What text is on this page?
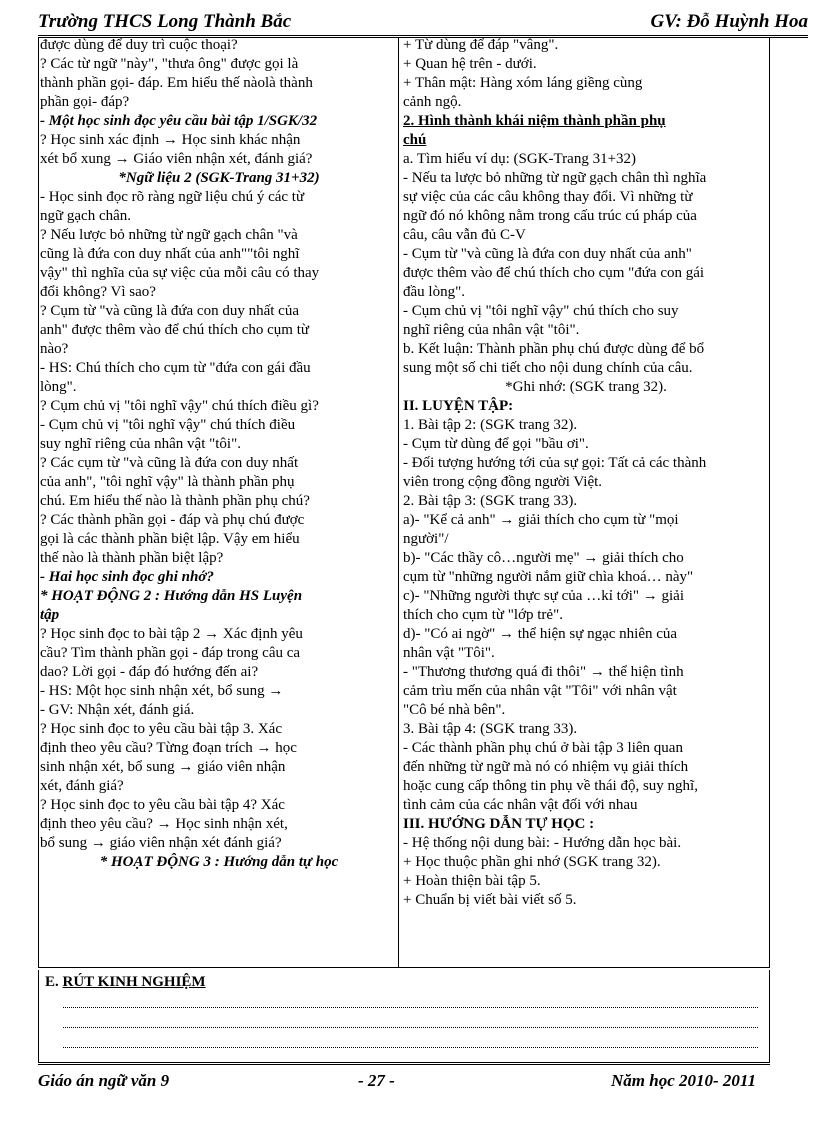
Trường THCS Long Thành Bắc	GV: Đỗ Huỳnh Hoa
được dùng để duy trì cuộc thoại?
? Các từ ngữ "này", "thưa ông" được gọi là
thành phần gọi- đáp. Em hiểu thế nàolà thành
phần gọi- đáp?
- Một học sinh đọc yêu cầu bài tập 1/SGK/32
? Học sinh xác định → Học sinh khác nhận
xét bổ xung → Giáo viên nhận xét, đánh giá?
*Ngữ liệu 2 (SGK-Trang 31+32)
- Học sinh đọc rõ ràng ngữ liệu chú ý các từ
ngữ gạch chân.
? Nếu lược bỏ những từ ngữ gạch chân "và
cũng là đứa con duy nhất của anh""tôi nghĩ
vậy" thì nghĩa của sự việc của mỗi câu có thay
đổi không? Vì sao?
? Cụm từ "và cũng là đứa con duy nhất của
anh" được thêm vào để chú thích cho cụm từ
nào?
- HS: Chú thích cho cụm từ "đứa con gái đầu
lòng".
? Cụm chủ vị "tôi nghĩ vậy" chú thích điều gì?
- Cụm chủ vị "tôi nghĩ vậy" chú thích điều
suy nghĩ riêng của nhân vật "tôi".
? Các cụm từ "và cũng là đứa con duy nhất
của anh", "tôi nghĩ vậy" là thành phần phụ
chú. Em hiểu thế nào là thành phần phụ chú?
? Các thành phần gọi - đáp và phụ chú được
gọi là các thành phần biệt lập. Vậy em hiểu
thế nào là thành phần biệt lập?
- Hai học sinh đọc ghi nhớ?
* HOẠT ĐỘNG 2 : Hướng dẫn HS Luyện
tập
? Học sinh đọc to bài tập 2 → Xác định yêu
cầu? Tìm thành phần gọi - đáp trong câu ca
dao? Lời gọi - đáp đó hướng đến ai?
- HS: Một học sinh nhận xét, bổ sung →
- GV: Nhận xét, đánh giá.
? Học sinh đọc to yêu cầu bài tập 3. Xác
định theo yêu cầu? Từng đoạn trích → học
sinh nhận xét, bổ sung → giáo viên nhận
xét, đánh giá?
? Học sinh đọc to yêu cầu bài tập 4? Xác
định theo yêu cầu? → Học sinh nhận xét,
bổ sung → giáo viên nhận xét đánh giá?
* HOẠT ĐỘNG 3 : Hướng dẫn tự học
+ Từ dùng để đáp "vâng".
+ Quan hệ trên - dưới.
+ Thân mật: Hàng xóm láng giềng cùng
cảnh ngộ.
2. Hình thành khái niệm thành phần phụ
chú
a. Tìm hiểu ví dụ: (SGK-Trang 31+32)
- Nếu ta lược bỏ những từ ngữ gạch chân thì nghĩa
sự việc của các câu không thay đổi. Vì những từ
ngữ đó nó không nằm trong cấu trúc cú pháp của
câu, câu vẫn đủ C-V
- Cụm từ "và cũng là đứa con duy nhất của anh"
được thêm vào để chú thích cho cụm "đứa con gái
đầu lòng".
- Cụm chủ vị "tôi nghĩ vậy" chú thích cho suy
nghĩ riêng của nhân vật "tôi".
b. Kết luận: Thành phần phụ chú được dùng để bổ
sung một số chi tiết cho nội dung chính của câu.
*Ghi nhớ: (SGK trang 32).
II. LUYỆN TẬP:
1. Bài tập 2: (SGK trang 32).
- Cụm từ dùng để gọi "bầu ơi".
- Đối tượng hướng tới của sự gọi: Tất cả các thành
viên trong cộng đồng người Việt.
2. Bài tập 3: (SGK trang 33).
a)- "Kể cả anh" → giải thích cho cụm từ "mọi
người"/
b)- "Các thầy cô…người mẹ" → giải thích cho
cụm từ "những người nắm giữ chìa khoá… này"
c)- "Những người thực sự của …kỉ tới" → giải
thích cho cụm từ "lớp trẻ".
d)- "Có ai ngờ" → thể hiện sự ngạc nhiên của
nhân vật "Tôi".
- "Thương thương quá đi thôi" → thể hiện tình
cảm trìu mến của nhân vật "Tôi" với nhân vật
"Cô bé nhà bên".
3. Bài tập 4: (SGK trang 33).
- Các thành phần phụ chú ở bài tập 3 liên quan
đến những từ ngữ mà nó có nhiệm vụ giải thích
hoặc cung cấp thông tin phụ về thái độ, suy nghĩ,
tình cảm của các nhân vật đối với nhau
III. HƯỚNG DẪN TỰ HỌC :
- Hệ thống nội dung bài: - Hướng dẫn học bài.
+ Học thuộc phần ghi nhớ (SGK trang 32).
+ Hoàn thiện bài tập 5.
+ Chuẩn bị viết bài viết số 5.
E. RÚT KINH NGHIỆM
Giáo án ngữ văn 9	- 27 -	Năm học 2010- 2011
